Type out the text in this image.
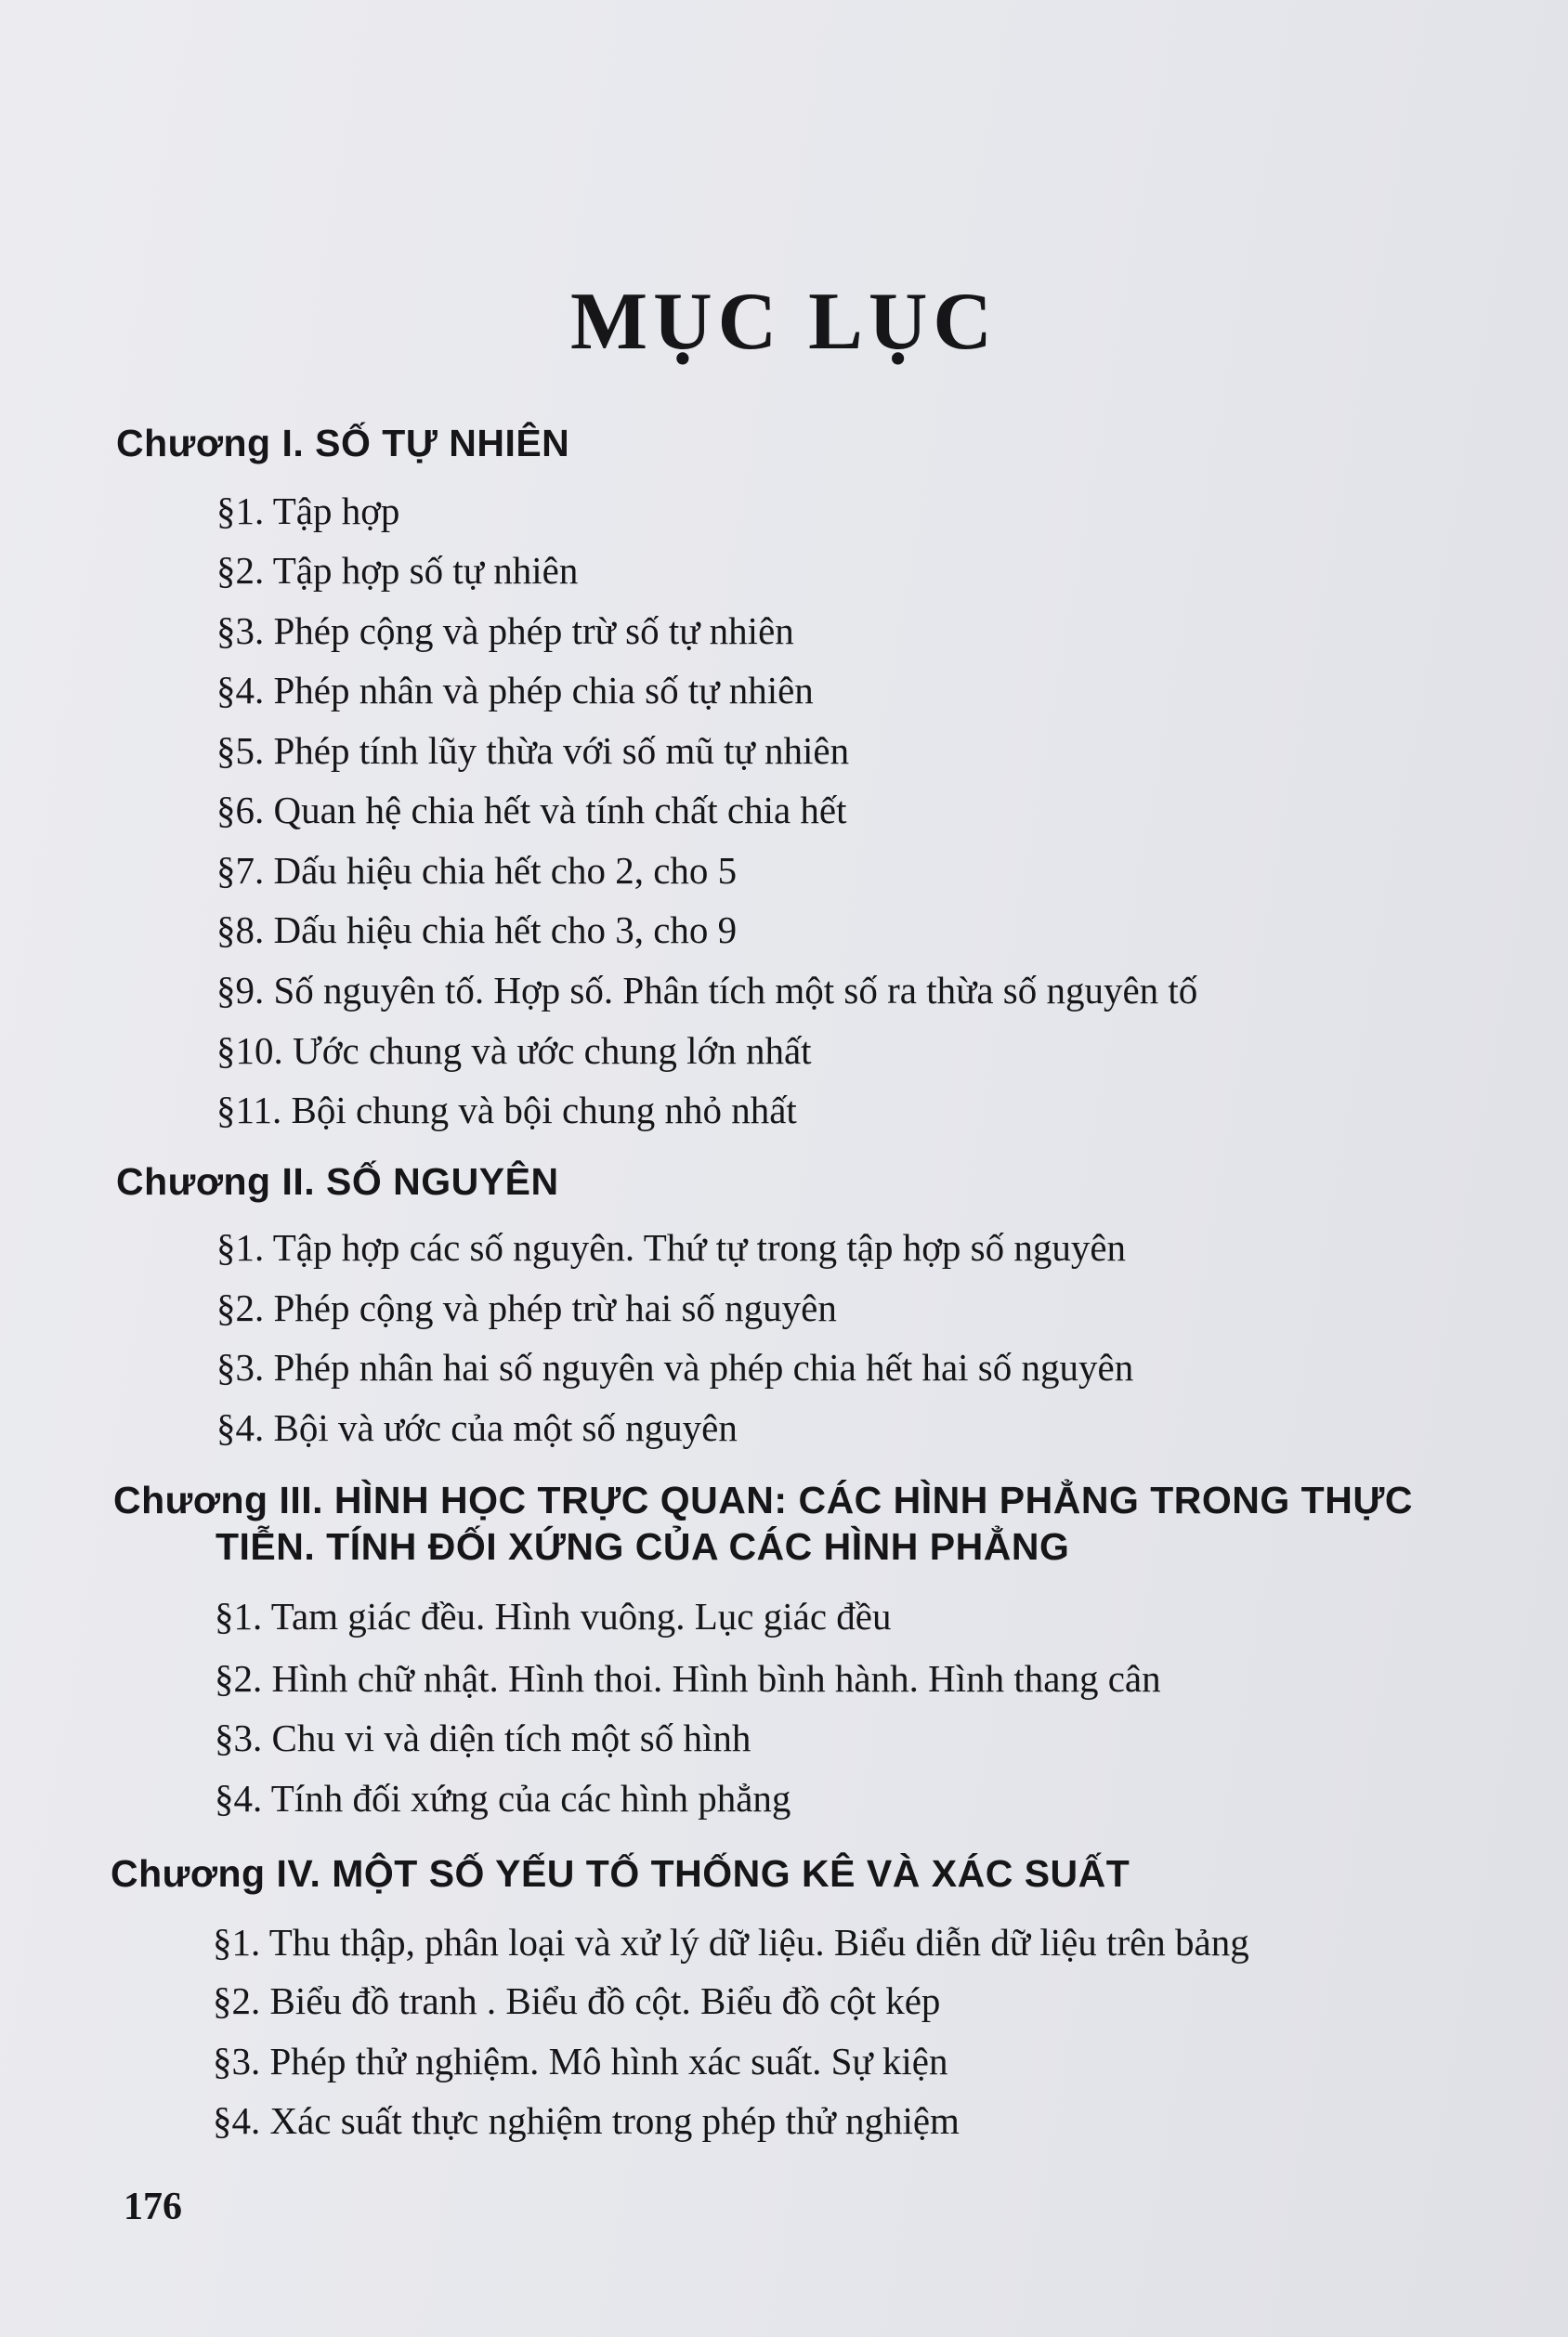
MỤC LỤC
Chương I. SỐ TỰ NHIÊN
§1. Tập hợp
§2. Tập hợp số tự nhiên
§3. Phép cộng và phép trừ số tự nhiên
§4. Phép nhân và phép chia số tự nhiên
§5. Phép tính lũy thừa với số mũ tự nhiên
§6. Quan hệ chia hết và tính chất chia hết
§7. Dấu hiệu chia hết cho 2, cho 5
§8. Dấu hiệu chia hết cho 3, cho 9
§9. Số nguyên tố. Hợp số. Phân tích một số ra thừa số nguyên tố
§10. Ước chung và ước chung lớn nhất
§11. Bội chung và bội chung nhỏ nhất
Chương II. SỐ NGUYÊN
§1. Tập hợp các số nguyên. Thứ tự trong tập hợp số nguyên
§2. Phép cộng và phép trừ hai số nguyên
§3. Phép nhân hai số nguyên và phép chia hết hai số nguyên
§4. Bội và ước của một số nguyên
Chương III. HÌNH HỌC TRỰC QUAN: CÁC HÌNH PHẲNG TRONG THỰC
TIỄN. TÍNH ĐỐI XỨNG CỦA CÁC HÌNH PHẲNG
§1. Tam giác đều. Hình vuông. Lục giác đều
§2. Hình chữ nhật. Hình thoi. Hình bình hành. Hình thang cân
§3. Chu vi và diện tích một số hình
§4. Tính đối xứng của các hình phẳng
Chương IV. MỘT SỐ YẾU TỐ THỐNG KÊ VÀ XÁC SUẤT
§1. Thu thập, phân loại và xử lý dữ liệu. Biểu diễn dữ liệu trên bảng
§2. Biểu đồ tranh . Biểu đồ cột. Biểu đồ cột kép
§3. Phép thử nghiệm. Mô hình xác suất. Sự kiện
§4. Xác suất thực nghiệm trong phép thử nghiệm
176
